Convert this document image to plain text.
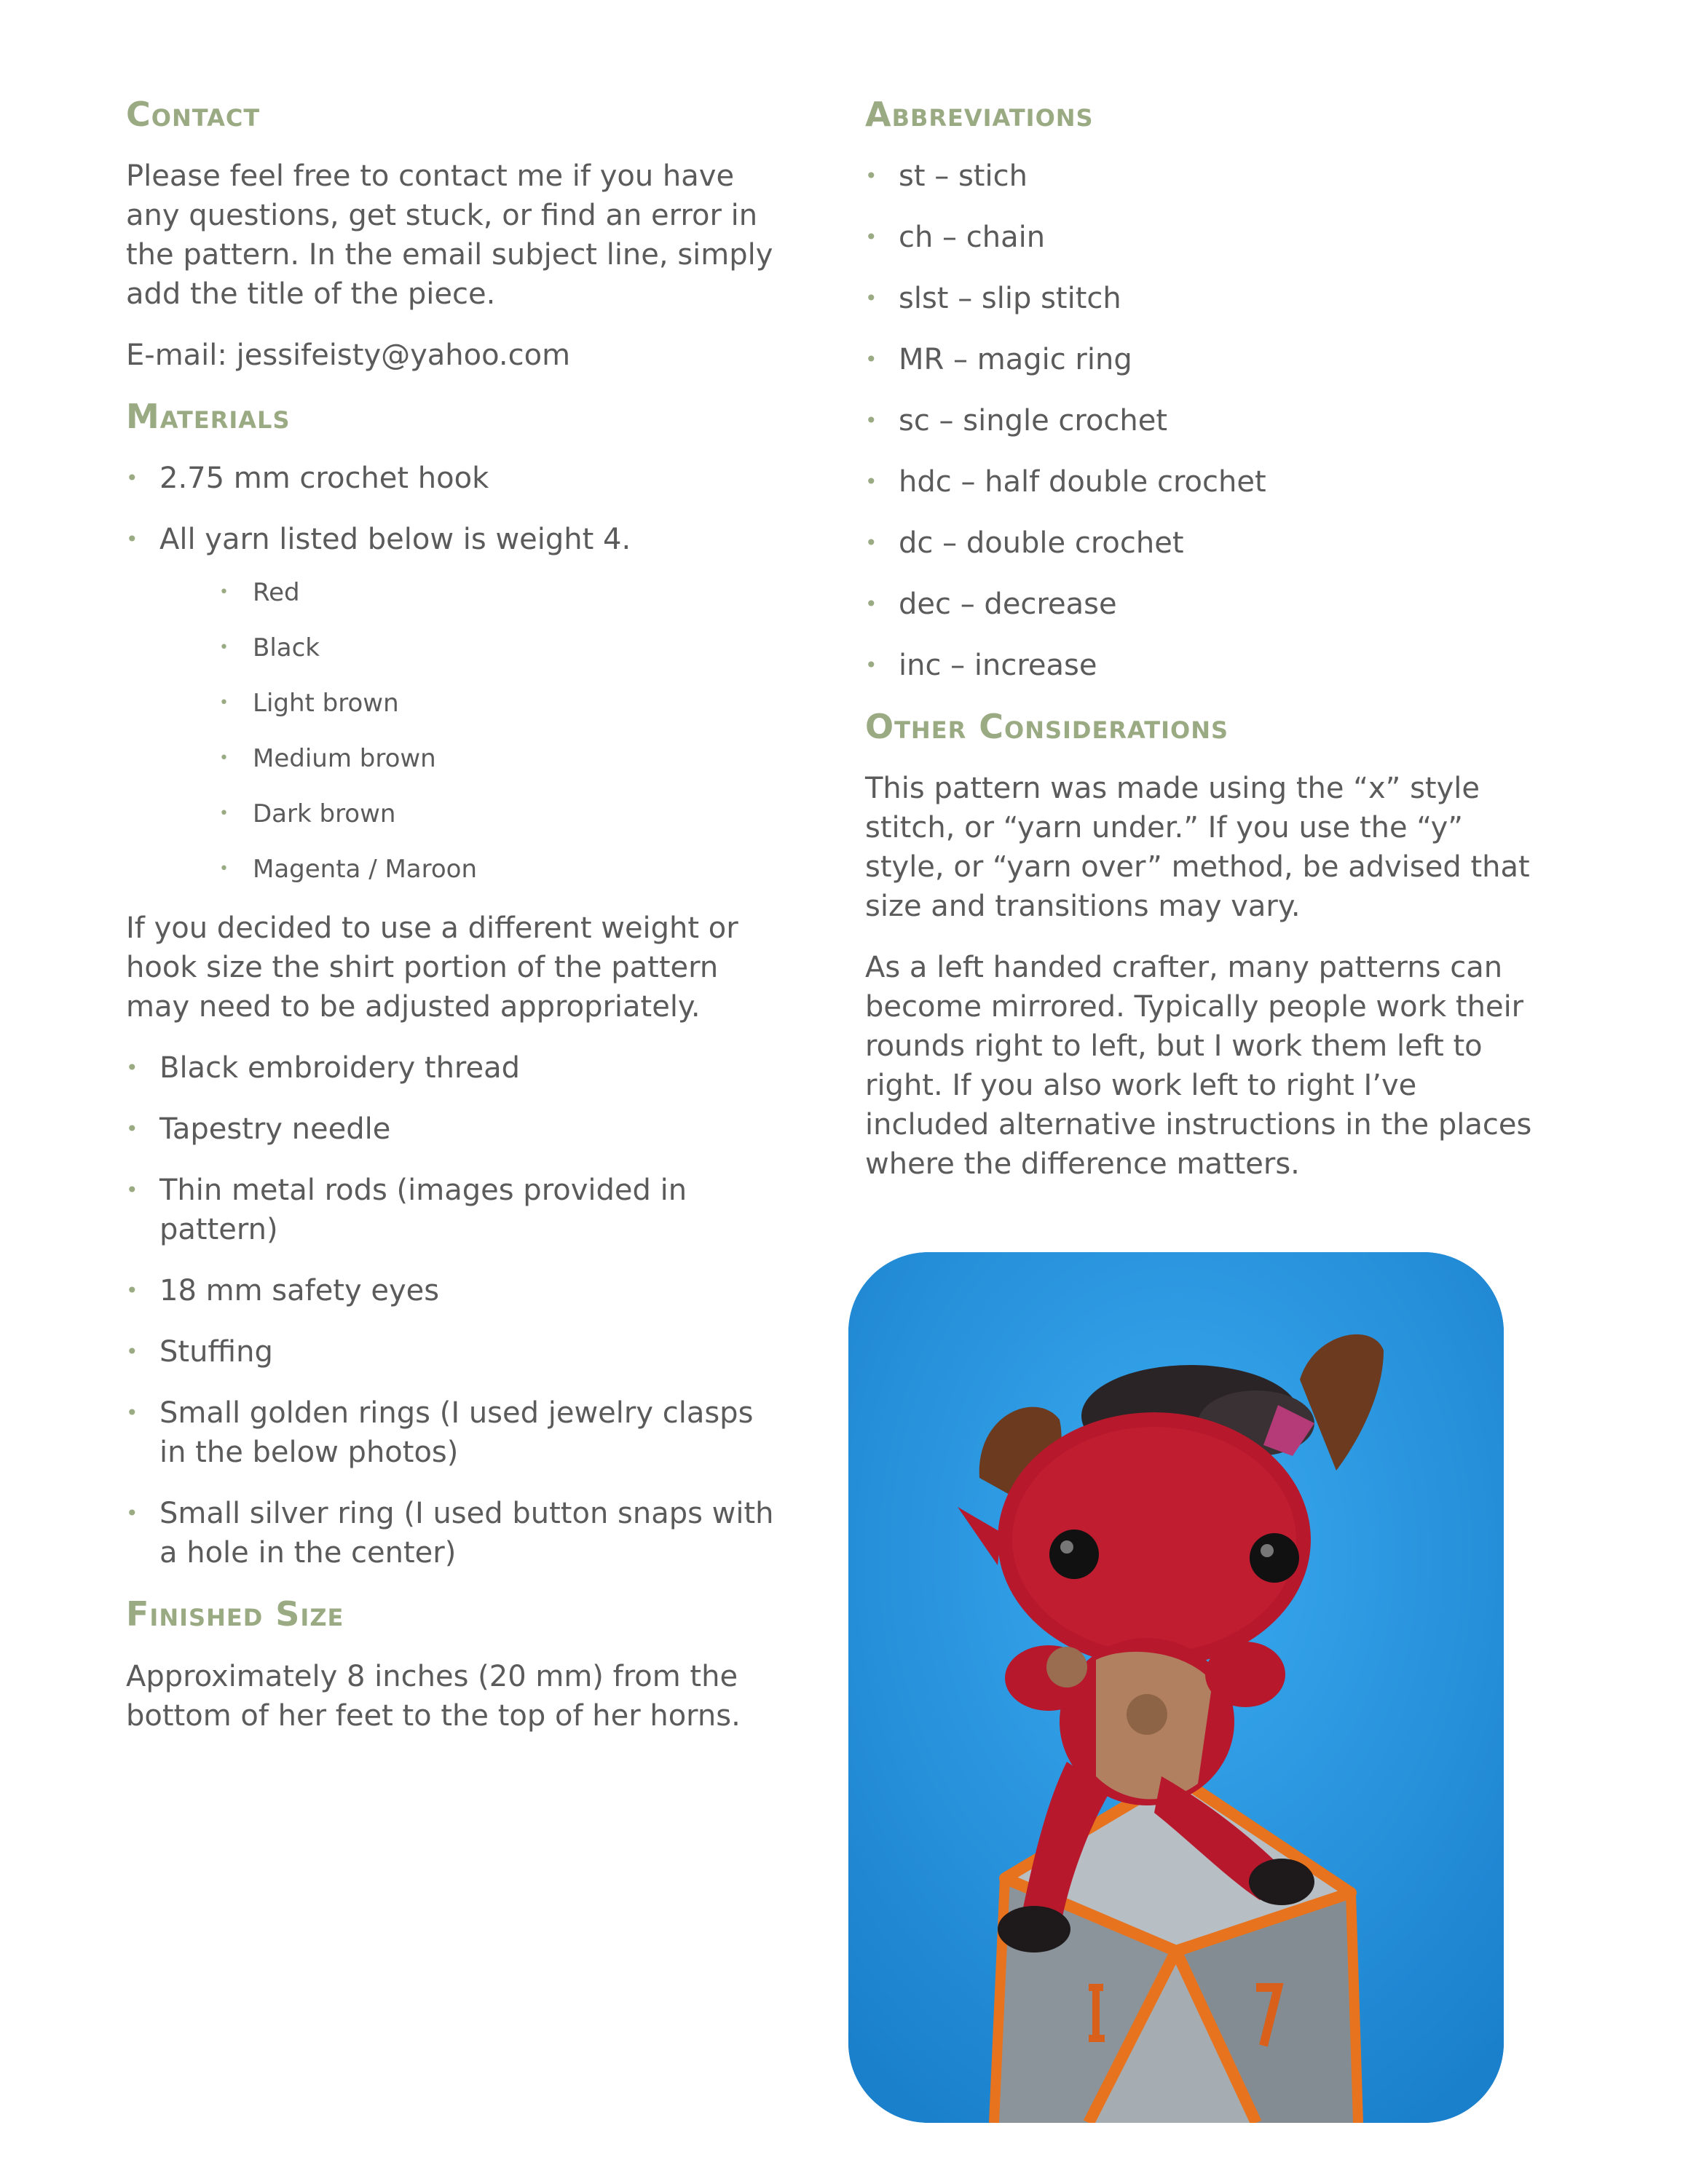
Contact

Please feel free to contact me if you have any questions, get stuck, or find an error in the pattern. In the email subject line, simply add the title of the piece.

E-mail: jessifeisty@yahoo.com

Materials
• 2.75 mm crochet hook
• All yarn listed below is weight 4.
• Red
• Black
• Light brown
• Medium brown
• Dark brown
• Magenta / Maroon

If you decided to use a different weight or hook size the shirt portion of the pattern may need to be adjusted appropriately.

• Black embroidery thread
• Tapestry needle
• Thin metal rods (images provided in pattern)
• 18 mm safety eyes
• Stuffing
• Small golden rings (I used jewelry clasps in the below photos)
• Small silver ring (I used button snaps with a hole in the center)
Finished Size

Approximately 8 inches (20 mm) from the bottom of her feet to the top of her horns.

Abbreviations
• st – stich
• ch – chain
• slst – slip stitch
• MR – magic ring
• sc – single crochet
• hdc – half double crochet
• dc – double crochet
• dec – decrease
• inc – increase
Other Considerations

This pattern was made using the “x” style stitch, or “yarn under.” If you use the “y” style, or “yarn over” method, be advised that size and transitions may vary.

As a left handed crafter, many patterns can become mirrored. Typically people work their rounds right to left, but I work them left to right. If you also work left to right I’ve included alternative instructions in the places where the difference matters.
